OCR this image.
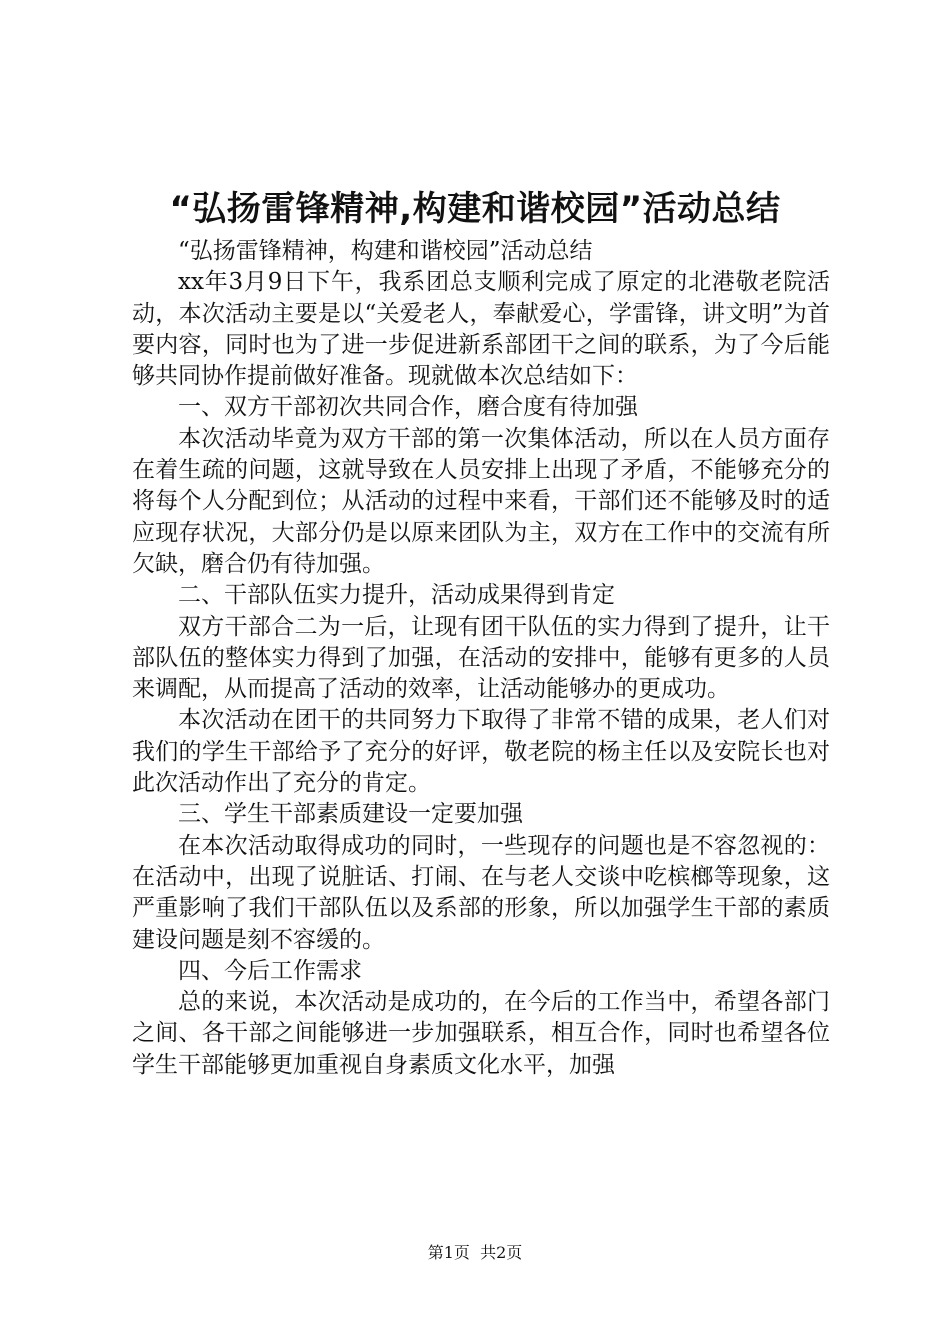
“弘扬雷锋精神,构建和谐校园”活动总结

“弘扬雷锋精神，构建和谐校园”活动总结

xx年3月9日下午，我系团总支顺利完成了原定的北港敬老院活动，本次活动主要是以“关爱老人，奉献爱心，学雷锋，讲文明”为首要内容，同时也为了进一步促进新系部团干之间的联系，为了今后能够共同协作提前做好准备。现就做本次总结如下：

一、双方干部初次共同合作，磨合度有待加强

本次活动毕竟为双方干部的第一次集体活动，所以在人员方面存在着生疏的问题，这就导致在人员安排上出现了矛盾，不能够充分的将每个人分配到位；从活动的过程中来看，干部们还不能够及时的适应现存状况，大部分仍是以原来团队为主，双方在工作中的交流有所欠缺，磨合仍有待加强。

二、干部队伍实力提升，活动成果得到肯定

双方干部合二为一后，让现有团干队伍的实力得到了提升，让干部队伍的整体实力得到了加强，在活动的安排中，能够有更多的人员来调配，从而提高了活动的效率，让活动能够办的更成功。

本次活动在团干的共同努力下取得了非常不错的成果，老人们对我们的学生干部给予了充分的好评，敬老院的杨主任以及安院长也对此次活动作出了充分的肯定。

三、学生干部素质建设一定要加强

在本次活动取得成功的同时，一些现存的问题也是不容忽视的：在活动中，出现了说脏话、打闹、在与老人交谈中吃槟榔等现象，这严重影响了我们干部队伍以及系部的形象，所以加强学生干部的素质建设问题是刻不容缓的。

四、今后工作需求

总的来说，本次活动是成功的，在今后的工作当中，希望各部门之间、各干部之间能够进一步加强联系，相互合作，同时也希望各位学生干部能够更加重视自身素质文化水平，加强

第1页 共2页
